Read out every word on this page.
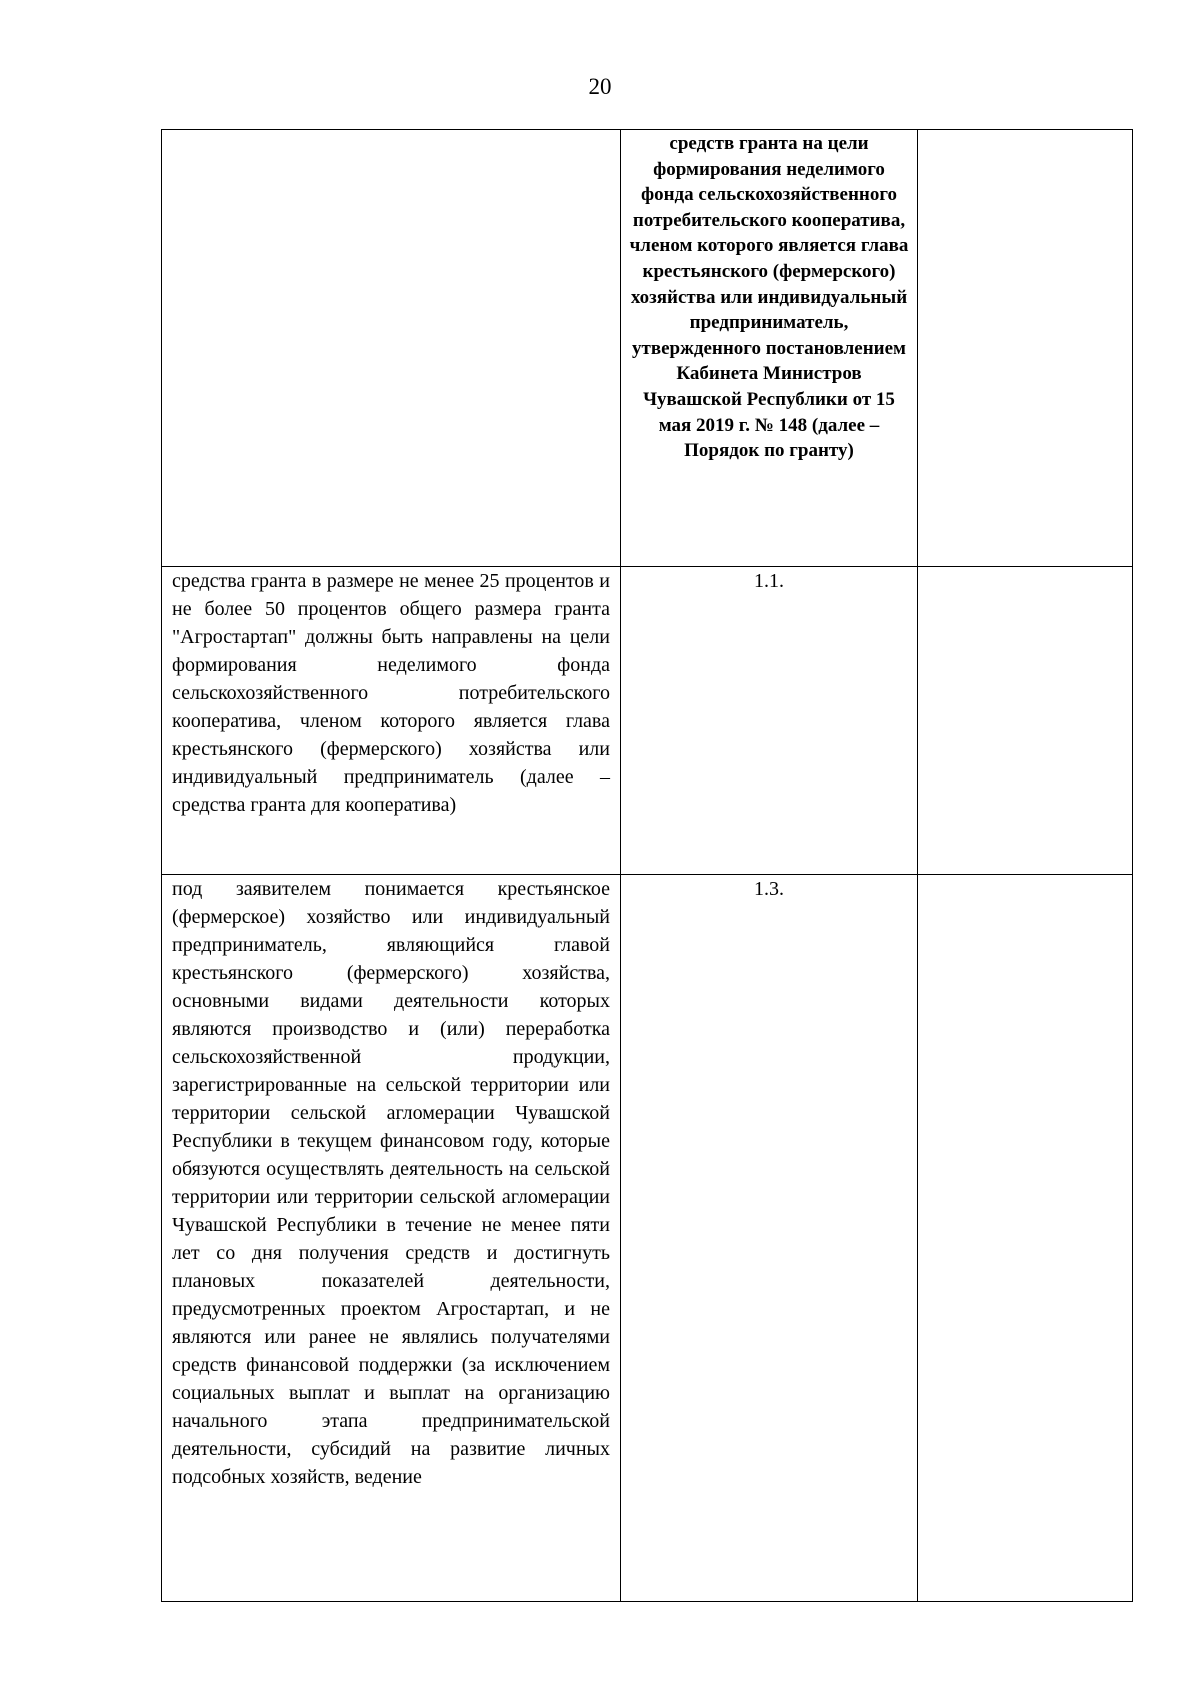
20

	средств гранта на цели формирования неделимого фонда сельскохозяйственного потребительского кооператива, членом которого является глава крестьянского (фермерского) хозяйства или индивидуальный предприниматель, утвержденного постановлением Кабинета Министров Чувашской Республики от 15 мая 2019 г. № 148 (далее – Порядок по гранту)	

средства гранта в размере не менее 25 процентов и не более 50 процентов общего размера гранта "Агростартап" должны быть направлены на цели формирования неделимого фонда сельскохозяйственного потребительского кооператива, членом которого является глава крестьянского (фермерского) хозяйства или индивидуальный предприниматель (далее – средства гранта для кооператива)	1.1.	

под заявителем понимается крестьянское (фермерское) хозяйство или индивидуальный предприниматель, являющийся главой крестьянского (фермерского) хозяйства, основными видами деятельности которых являются производство и (или) переработка сельскохозяйственной продукции, зарегистрированные на сельской территории или территории сельской агломерации Чувашской Республики в текущем финансовом году, которые обязуются осуществлять деятельность на сельской территории или территории сельской агломерации Чувашской Республики в течение не менее пяти лет со дня получения средств и достигнуть плановых показателей деятельности, предусмотренных проектом Агростартап, и не являются или ранее не являлись получателями средств финансовой поддержки (за исключением социальных выплат и выплат на организацию начального этапа предпринимательской деятельности, субсидий на развитие личных подсобных хозяйств, ведение	1.3.	
